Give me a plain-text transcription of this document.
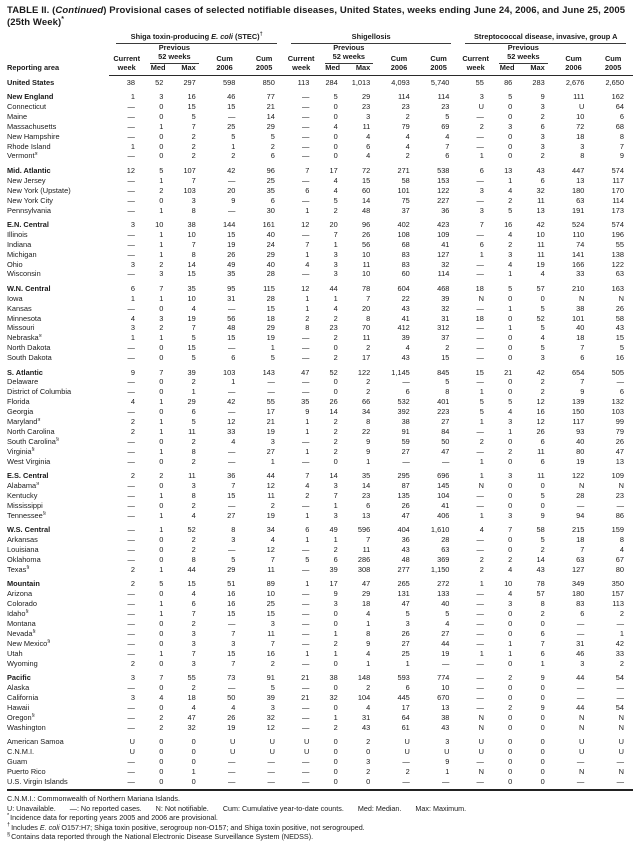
TABLE II. (Continued) Provisional cases of selected notifiable diseases, United States, weeks ending June 24, 2006, and June 25, 2005 (25th Week)*
Reporting area	Shiga toxin-producing E. coli (STEC)†					Shigellosis					Streptococcal disease, invasive, group A				

	Current	Previous
52 weeks		Cum	Cum	Current	Previous
52 weeks		Cum	Cum	Current	Previous
52 weeks		Cum	Cum
	week	Med	Max	2006	2005	week	Med	Max	2006	2005	week	Med	Max	2006	2005
United States	38	52	297	598	850	113	284	1,013	4,093	5,740	55	86	283	2,676	2,650
New England	1	3	16	46	77	—	5	29	114	114	3	5	9	111	162
Connecticut	—	0	15	15	21	—	0	23	23	23	U	0	3	U	64
Maine	—	0	5	—	14	—	0	3	2	5	—	0	2	10	6
Massachusetts	—	1	7	25	29	—	4	11	79	69	2	3	6	72	68
New Hampshire	—	0	2	5	5	—	0	4	4	4	—	0	3	18	8
Rhode Island	1	0	2	1	2	—	0	6	4	7	—	0	3	3	7
Vermont§	—	0	2	2	6	—	0	4	2	6	1	0	2	8	9
Mid. Atlantic	12	5	107	42	96	7	17	72	271	538	6	13	43	447	574
New Jersey	—	1	7	—	25	—	4	15	58	153	—	1	6	13	117
New York (Upstate)	—	2	103	20	35	6	4	60	101	122	3	4	32	180	170
New York City	—	0	3	9	6	—	5	14	75	227	—	2	11	63	114
Pennsylvania	—	1	8	—	30	1	2	48	37	36	3	5	13	191	173
E.N. Central	3	10	38	144	161	12	20	96	402	423	7	16	42	524	574
Illinois	—	1	10	15	40	—	7	26	108	109	—	4	10	110	196
Indiana	—	1	7	19	24	7	1	56	68	41	6	2	11	74	55
Michigan	—	1	8	26	29	1	3	10	83	127	1	3	11	141	138
Ohio	3	2	14	49	40	4	3	11	83	32	—	4	19	166	122
Wisconsin	—	3	15	35	28	—	3	10	60	114	—	1	4	33	63
W.N. Central	6	7	35	95	115	12	44	78	604	468	18	5	57	210	163
Iowa	1	1	10	31	28	1	1	7	22	39	N	0	0	N	N
Kansas	—	0	4	—	15	1	4	20	43	32	—	1	5	38	26
Minnesota	4	3	19	56	18	2	2	8	41	31	18	0	52	101	58
Missouri	3	2	7	48	29	8	23	70	412	312	—	1	5	40	43
Nebraska§	1	1	5	15	19	—	2	11	39	37	—	0	4	18	15
North Dakota	—	0	15	—	1	—	0	2	4	2	—	0	5	7	5
South Dakota	—	0	5	6	5	—	2	17	43	15	—	0	3	6	16
S. Atlantic	9	7	39	103	143	47	52	122	1,145	845	15	21	42	654	505
Delaware	—	0	2	1	—	—	0	2	—	5	—	0	2	7	—
District of Columbia	—	0	1	—	—	—	0	2	6	8	1	0	2	9	6
Florida	4	1	29	42	55	35	26	66	532	401	5	5	12	139	132
Georgia	—	0	6	—	17	9	14	34	392	223	5	4	16	150	103
Maryland§	2	1	5	12	21	1	2	8	38	27	1	3	12	117	99
North Carolina	2	1	11	33	19	1	2	22	91	84	—	1	26	93	79
South Carolina§	—	0	2	4	3	—	2	9	59	50	2	0	6	40	26
Virginia§	—	1	8	—	27	1	2	9	27	47	—	2	11	80	47
West Virginia	—	0	2	—	1	—	0	1	—	—	1	0	6	19	13
E.S. Central	2	2	11	36	44	7	14	35	295	696	1	3	11	122	109
Alabama§	—	0	3	7	12	4	3	14	87	145	N	0	0	N	N
Kentucky	—	1	8	15	11	2	7	23	135	104	—	0	5	28	23
Mississippi	—	0	2	—	2	—	1	6	26	41	—	0	0	—	—
Tennessee§	—	1	4	27	19	1	3	13	47	406	1	3	9	94	86
W.S. Central	—	1	52	8	34	6	49	596	404	1,610	4	7	58	215	159
Arkansas	—	0	2	3	4	1	1	7	36	28	—	0	5	18	8
Louisiana	—	0	2	—	12	—	2	11	43	63	—	0	2	7	4
Oklahoma	—	0	8	5	7	5	6	286	48	369	2	2	14	63	67
Texas§	2	1	44	29	11	—	39	308	277	1,150	2	4	43	127	80
Mountain	2	5	15	51	89	1	17	47	265	272	1	10	78	349	350
Arizona	—	0	4	16	10	—	9	29	131	133	—	4	57	180	157
Colorado	—	1	6	16	25	—	3	18	47	40	—	3	8	83	113
Idaho§	—	1	7	15	15	—	0	4	5	5	—	0	2	6	2
Montana	—	0	2	—	3	—	0	1	3	4	—	0	0	—	—
Nevada§	—	0	3	7	11	—	1	8	26	27	—	0	6	—	1
New Mexico§	—	0	3	3	7	—	2	9	27	44	—	1	7	31	42
Utah	—	1	7	15	16	1	1	4	25	19	1	1	6	46	33
Wyoming	2	0	3	7	2	—	0	1	1	—	—	0	1	3	2
Pacific	3	7	55	73	91	21	38	148	593	774	—	2	9	44	54
Alaska	—	0	2	—	5	—	0	2	6	10	—	0	0	—	—
California	3	4	18	50	39	21	32	104	445	670	—	0	0	—	—
Hawaii	—	0	4	4	3	—	0	4	17	13	—	2	9	44	54
Oregon§	—	2	47	26	32	—	1	31	64	38	N	0	0	N	N
Washington	—	2	32	19	12	—	2	43	61	43	N	0	0	N	N
American Samoa	U	0	0	U	U	U	0	2	U	3	U	0	0	U	U
C.N.M.I.	U	0	0	U	U	U	0	0	U	U	U	0	0	U	U
Guam	—	0	0	—	—	—	0	3	—	9	—	0	0	—	—
Puerto Rico	—	0	1	—	—	—	0	2	2	1	N	0	0	N	N
U.S. Virgin Islands	—	0	0	—	—	—	0	0	—	—	—	0	0	—	—
C.N.M.I.: Commonwealth of Northern Mariana Islands.
U: Unavailable. —: No reported cases. N: Not notifiable. Cum: Cumulative year-to-date counts. Med: Median. Max: Maximum.
*Incidence data for reporting years 2005 and 2006 are provisional.
†Includes E. coli O157:H7; Shiga toxin positive, serogroup non-O157; and Shiga toxin positive, not serogrouped.
§Contains data reported through the National Electronic Disease Surveillance System (NEDSS).
